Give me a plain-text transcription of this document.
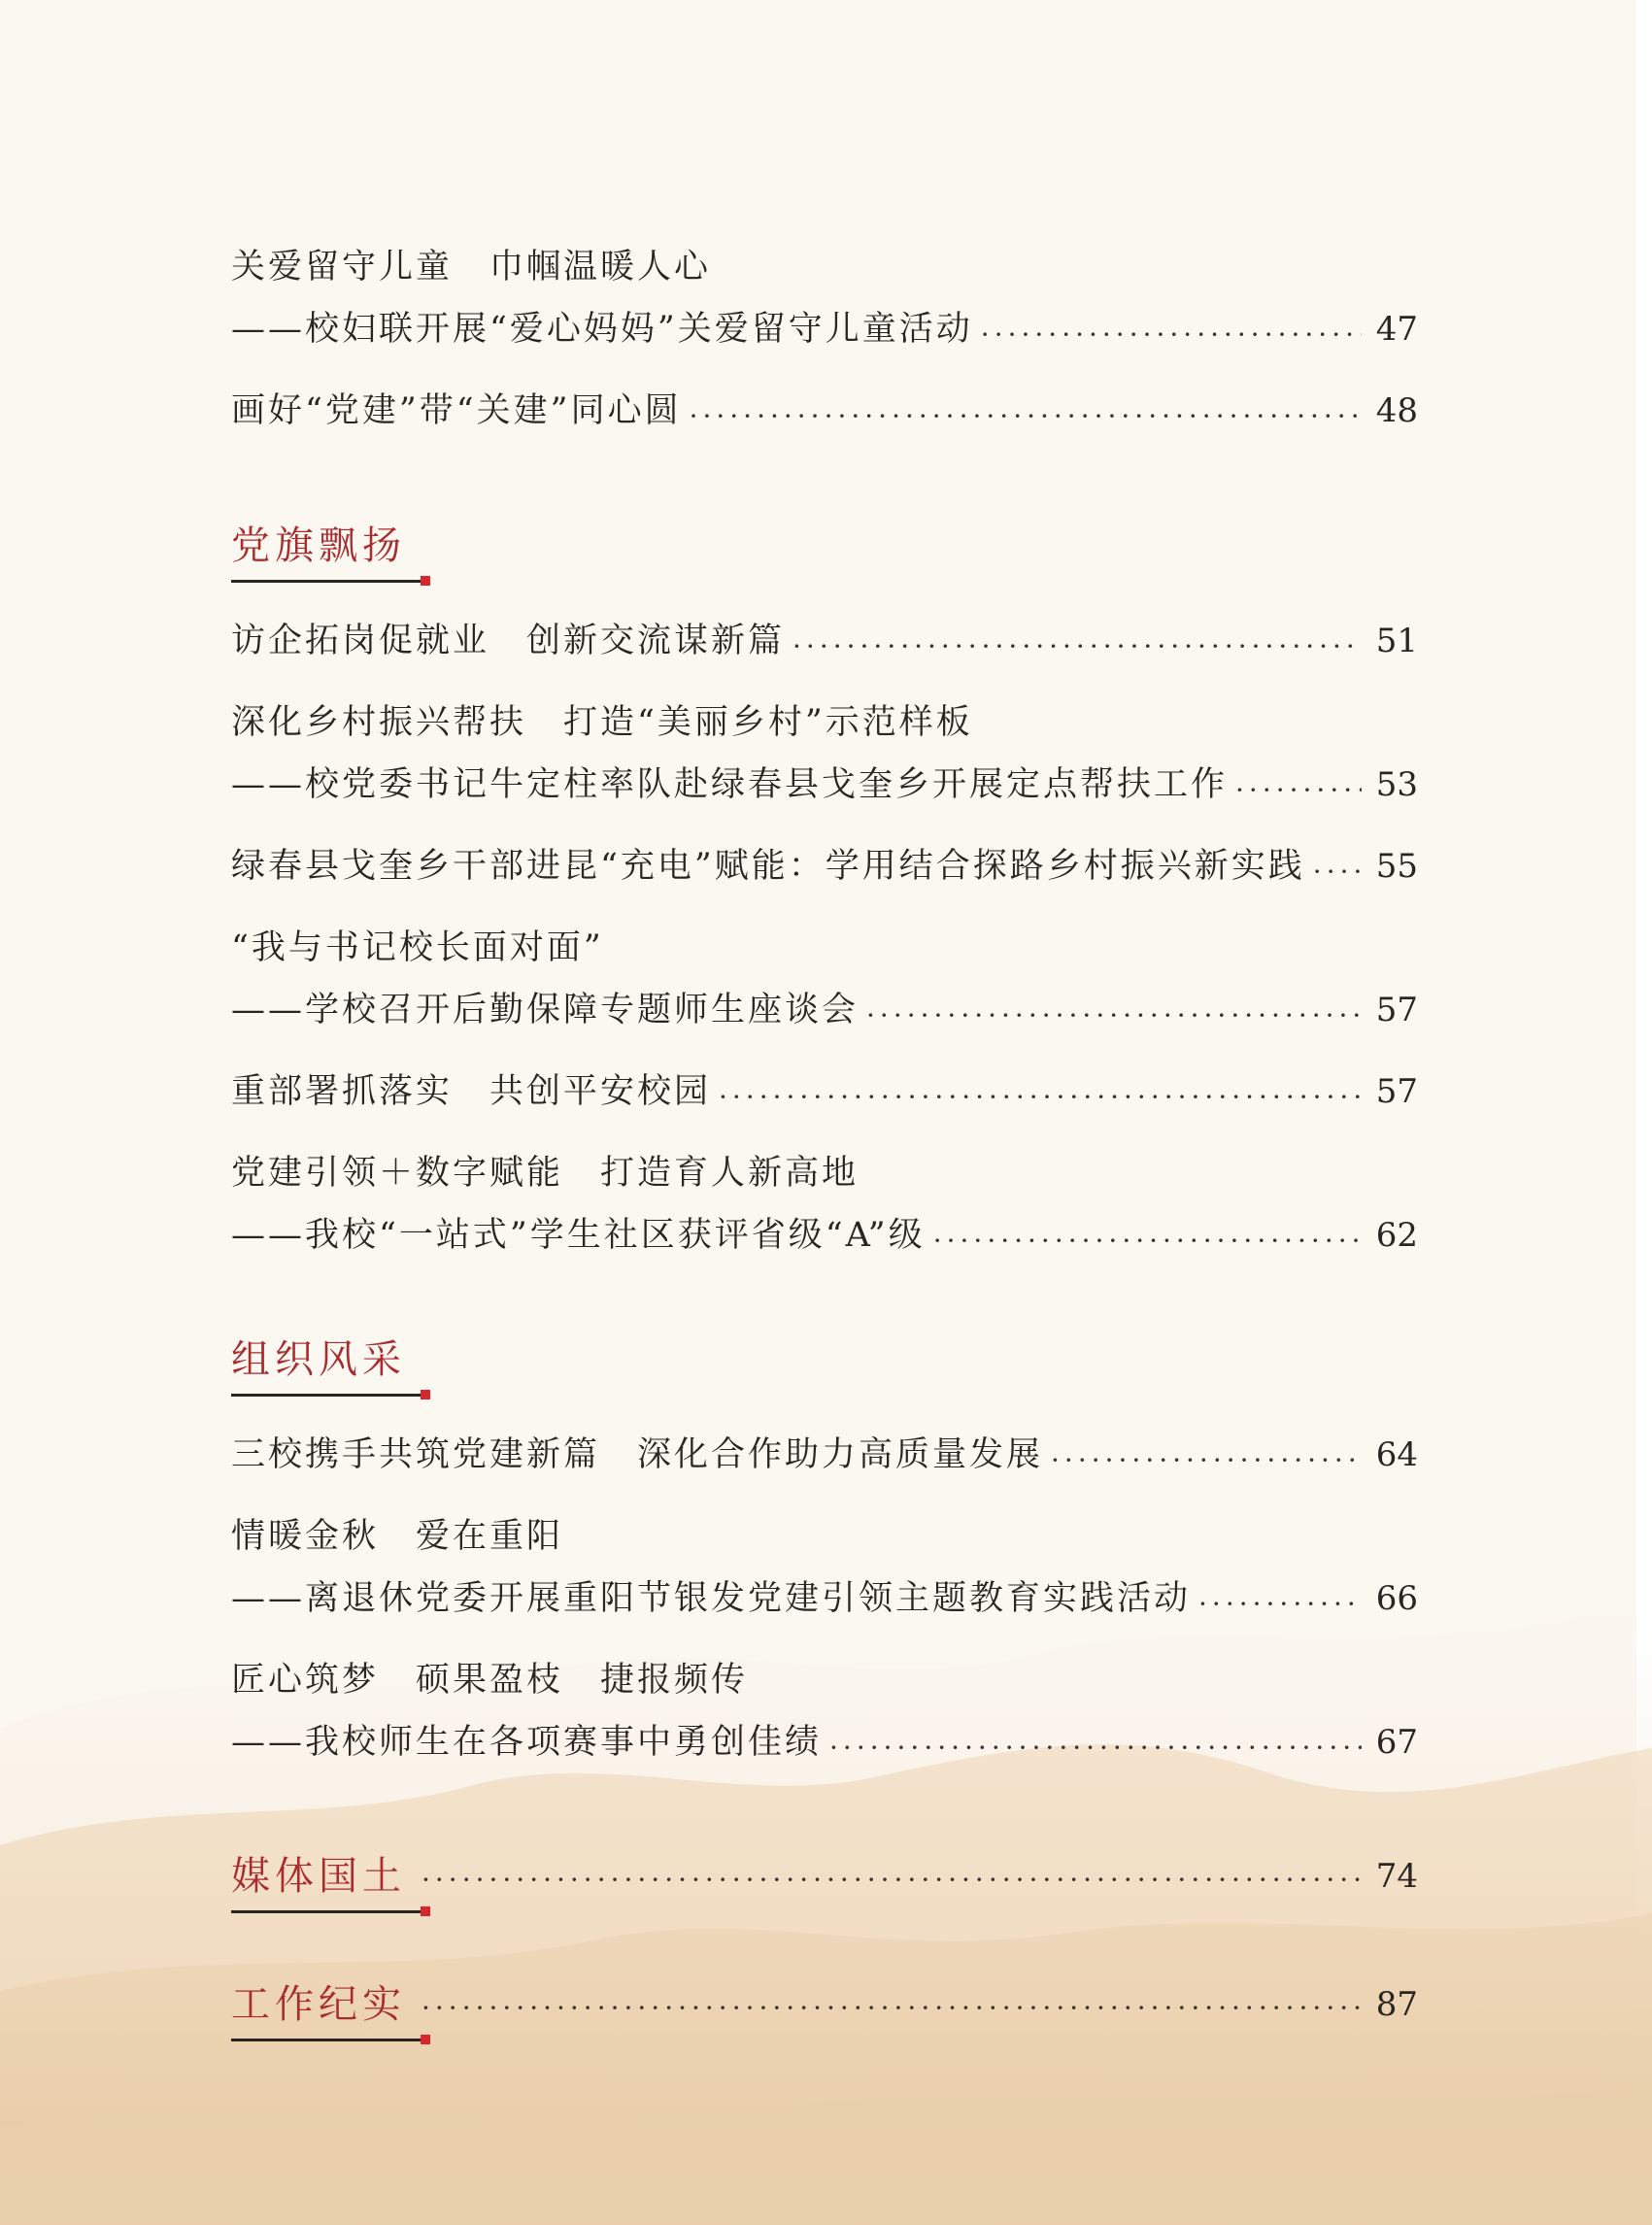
关爱留守儿童　巾帼温暖人心
——校妇联开展“爱心妈妈”关爱留守儿童活动 ·····	47
画好“党建”带“关建”同心圆 ·····	48
党旗飘扬
访企拓岗促就业　创新交流谋新篇 ·····	51
深化乡村振兴帮扶　打造“美丽乡村”示范样板
——校党委书记牛定柱率队赴绿春县戈奎乡开展定点帮扶工作 ·····	53
绿春县戈奎乡干部进昆“充电”赋能：学用结合探路乡村振兴新实践 ····· 55
“我与书记校长面对面”
——学校召开后勤保障专题师生座谈会 ·····	57
重部署抓落实　共创平安校园 ·····	57
党建引领＋数字赋能　打造育人新高地
——我校“一站式”学生社区获评省级“A”级 ·····	62
组织风采
三校携手共筑党建新篇　深化合作助力高质量发展 ·····	64
情暖金秋　爱在重阳
——离退休党委开展重阳节银发党建引领主题教育实践活动 ·····	66
匠心筑梦　硕果盈枝　捷报频传
——我校师生在各项赛事中勇创佳绩 ·····	67
媒体国土 ·····	74
工作纪实 ·····	87
